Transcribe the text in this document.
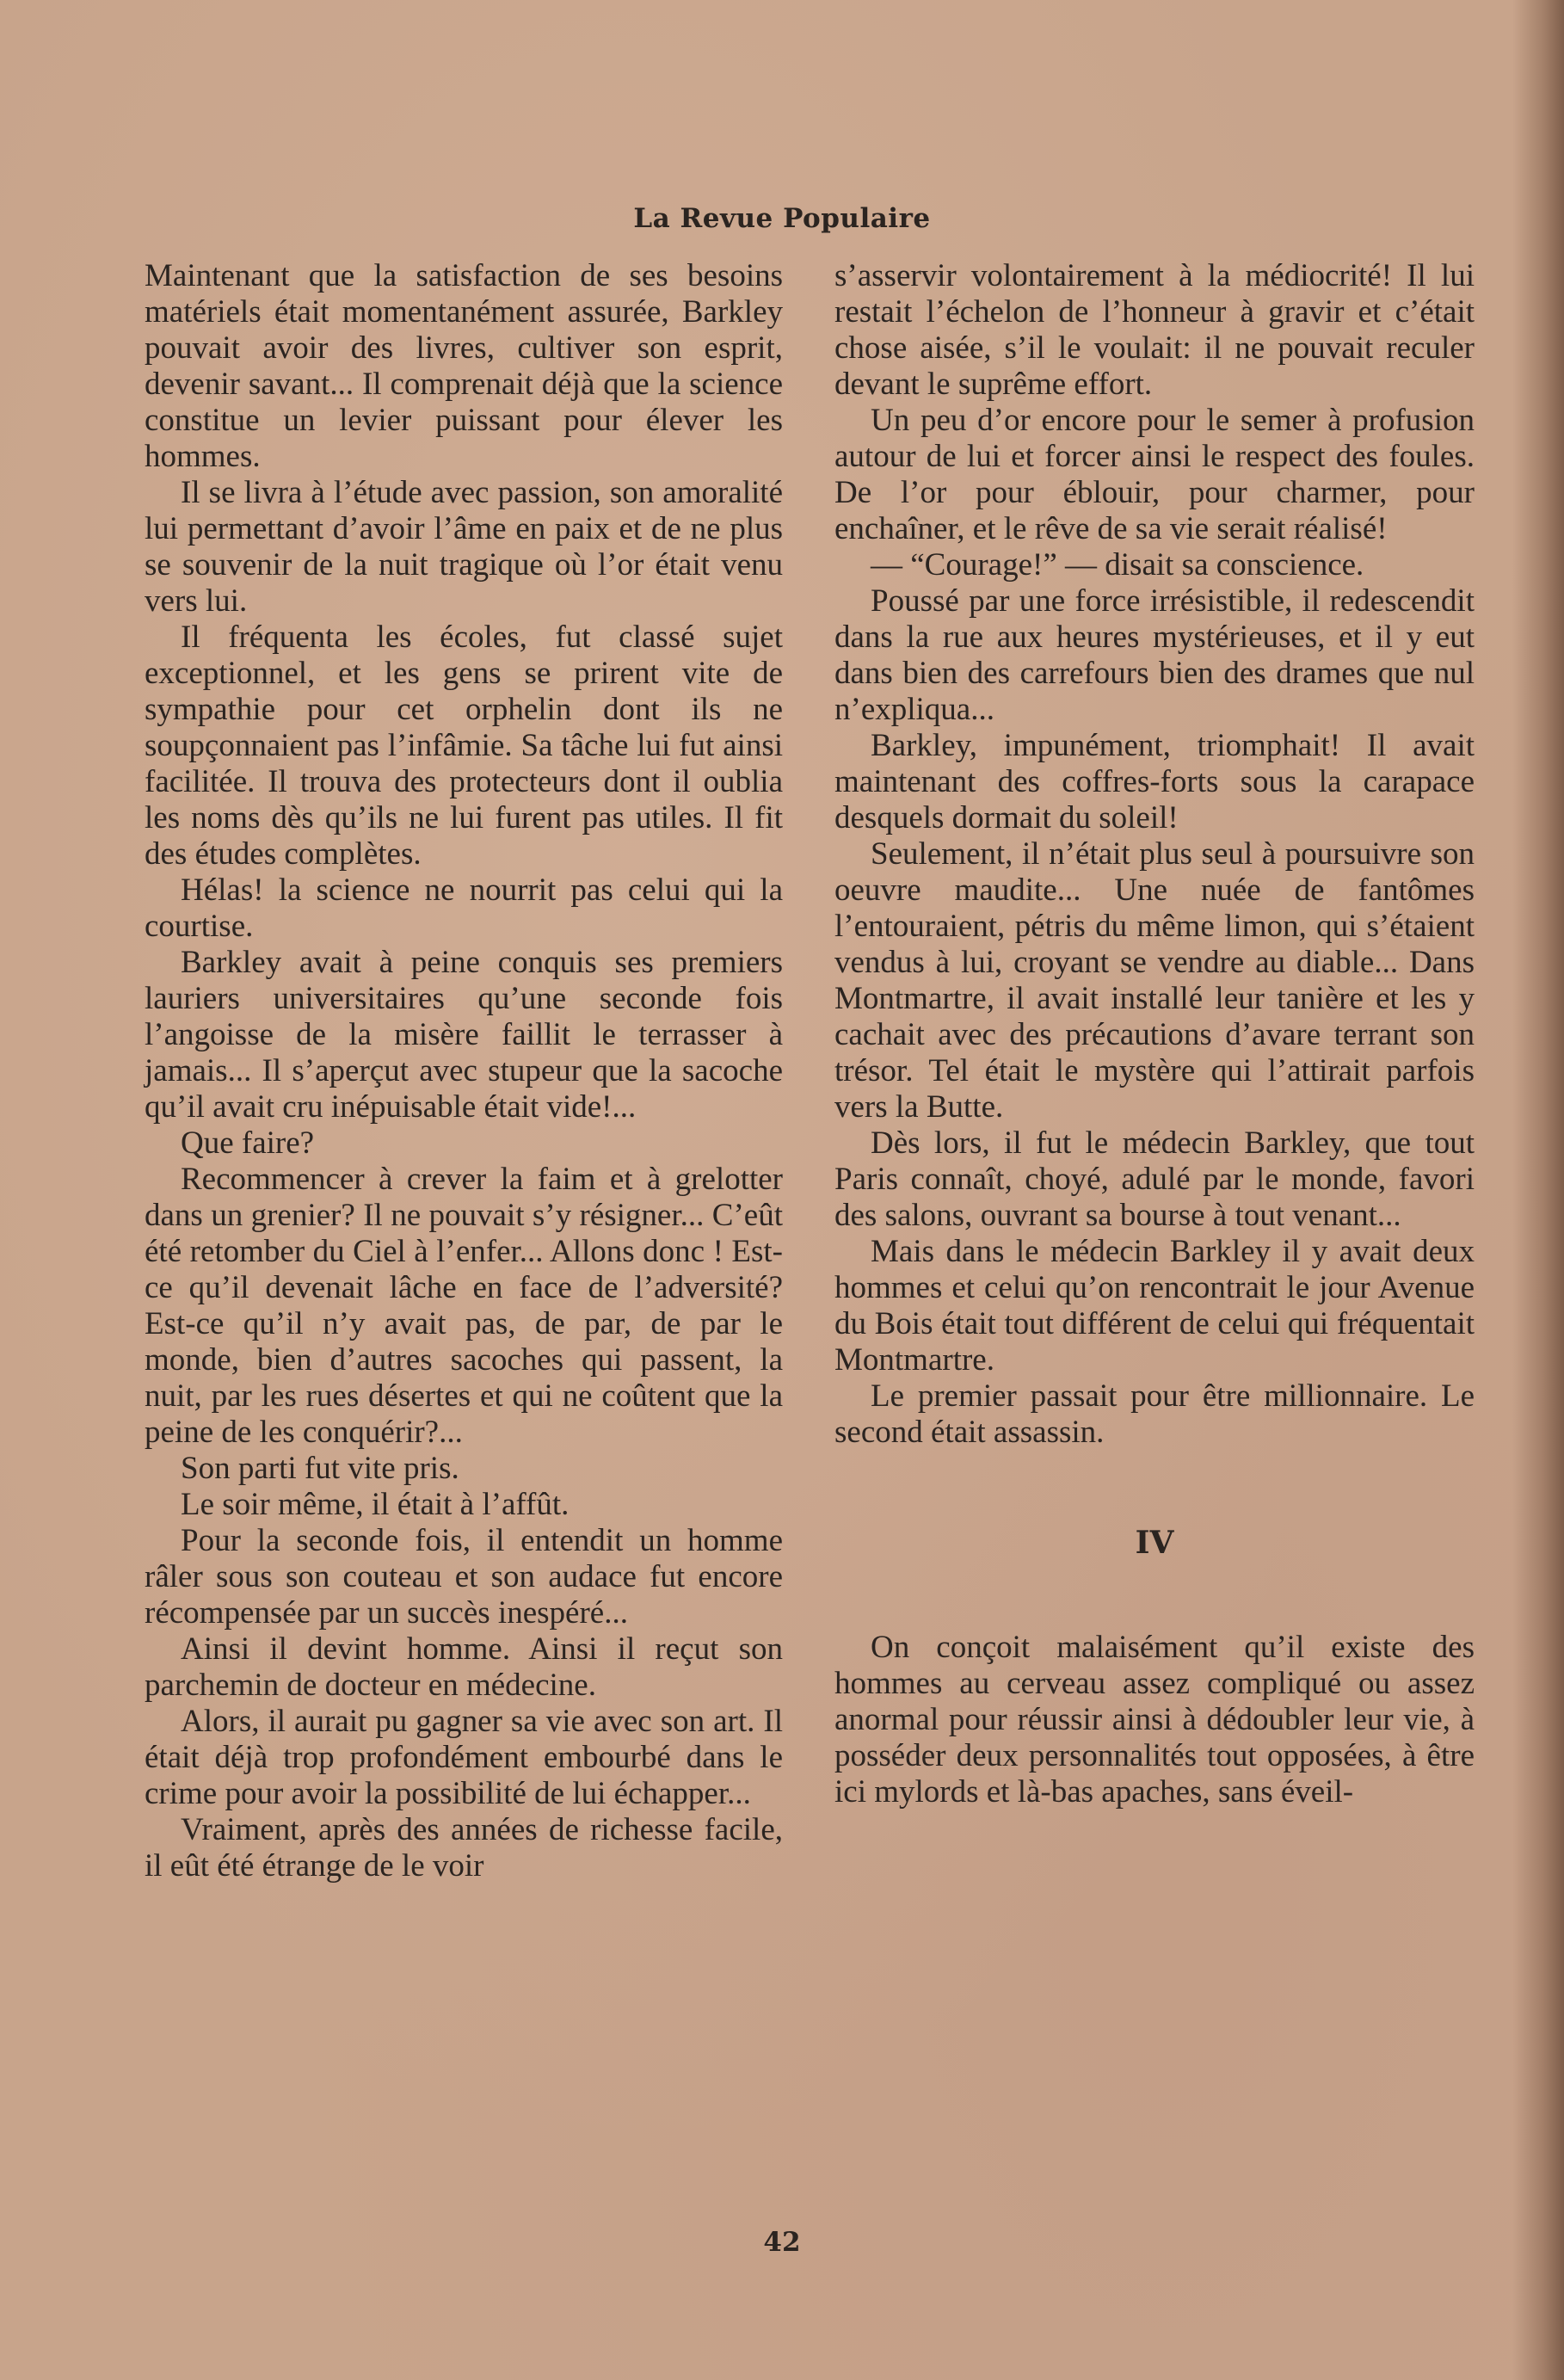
La Revue Populaire

Maintenant que la satisfaction de ses besoins matériels était momentanément assurée, Barkley pouvait avoir des livres, cultiver son esprit, devenir savant... Il comprenait déjà que la science constitue un levier puissant pour élever les hommes.

Il se livra à l’étude avec passion, son amoralité lui permettant d’avoir l’âme en paix et de ne plus se souvenir de la nuit tragique où l’or était venu vers lui.

Il fréquenta les écoles, fut classé sujet exceptionnel, et les gens se prirent vite de sympathie pour cet orphelin dont ils ne soupçonnaient pas l’infâmie. Sa tâche lui fut ainsi facilitée. Il trouva des protecteurs dont il oublia les noms dès qu’ils ne lui furent pas utiles. Il fit des études complètes.

Hélas! la science ne nourrit pas celui qui la courtise.

Barkley avait à peine conquis ses premiers lauriers universitaires qu’une seconde fois l’angoisse de la misère faillit le terrasser à jamais... Il s’aperçut avec stupeur que la sacoche qu’il avait cru inépuisable était vide!...

Que faire?

Recommencer à crever la faim et à grelotter dans un grenier? Il ne pouvait s’y résigner... C’eût été retomber du Ciel à l’enfer... Allons donc ! Est-ce qu’il devenait lâche en face de l’adversité? Est-ce qu’il n’y avait pas, de par, de par le monde, bien d’autres sacoches qui passent, la nuit, par les rues désertes et qui ne coûtent que la peine de les conquérir?...

Son parti fut vite pris.

Le soir même, il était à l’affût.

Pour la seconde fois, il entendit un homme râler sous son couteau et son audace fut encore récompensée par un succès inespéré...

Ainsi il devint homme. Ainsi il reçut son parchemin de docteur en médecine.

Alors, il aurait pu gagner sa vie avec son art. Il était déjà trop profondément embourbé dans le crime pour avoir la possibilité de lui échapper...

Vraiment, après des années de richesse facile, il eût été étrange de le voir

s’asservir volontairement à la médiocrité! Il lui restait l’échelon de l’honneur à gravir et c’était chose aisée, s’il le voulait: il ne pouvait reculer devant le suprême effort.

Un peu d’or encore pour le semer à profusion autour de lui et forcer ainsi le respect des foules. De l’or pour éblouir, pour charmer, pour enchaîner, et le rêve de sa vie serait réalisé!

— “Courage!” — disait sa conscience.

Poussé par une force irrésistible, il redescendit dans la rue aux heures mystérieuses, et il y eut dans bien des carrefours bien des drames que nul n’expliqua...

Barkley, impunément, triomphait! Il avait maintenant des coffres-forts sous la carapace desquels dormait du soleil!

Seulement, il n’était plus seul à poursuivre son oeuvre maudite... Une nuée de fantômes l’entouraient, pétris du même limon, qui s’étaient vendus à lui, croyant se vendre au diable... Dans Montmartre, il avait installé leur tanière et les y cachait avec des précautions d’avare terrant son trésor. Tel était le mystère qui l’attirait parfois vers la Butte.

Dès lors, il fut le médecin Barkley, que tout Paris connaît, choyé, adulé par le monde, favori des salons, ouvrant sa bourse à tout venant...

Mais dans le médecin Barkley il y avait deux hommes et celui qu’on rencontrait le jour Avenue du Bois était tout différent de celui qui fréquentait Montmartre.

Le premier passait pour être millionnaire. Le second était assassin.

IV

On conçoit malaisément qu’il existe des hommes au cerveau assez compliqué ou assez anormal pour réussir ainsi à dédoubler leur vie, à posséder deux personnalités tout opposées, à être ici mylords et là-bas apaches, sans éveil-

42
